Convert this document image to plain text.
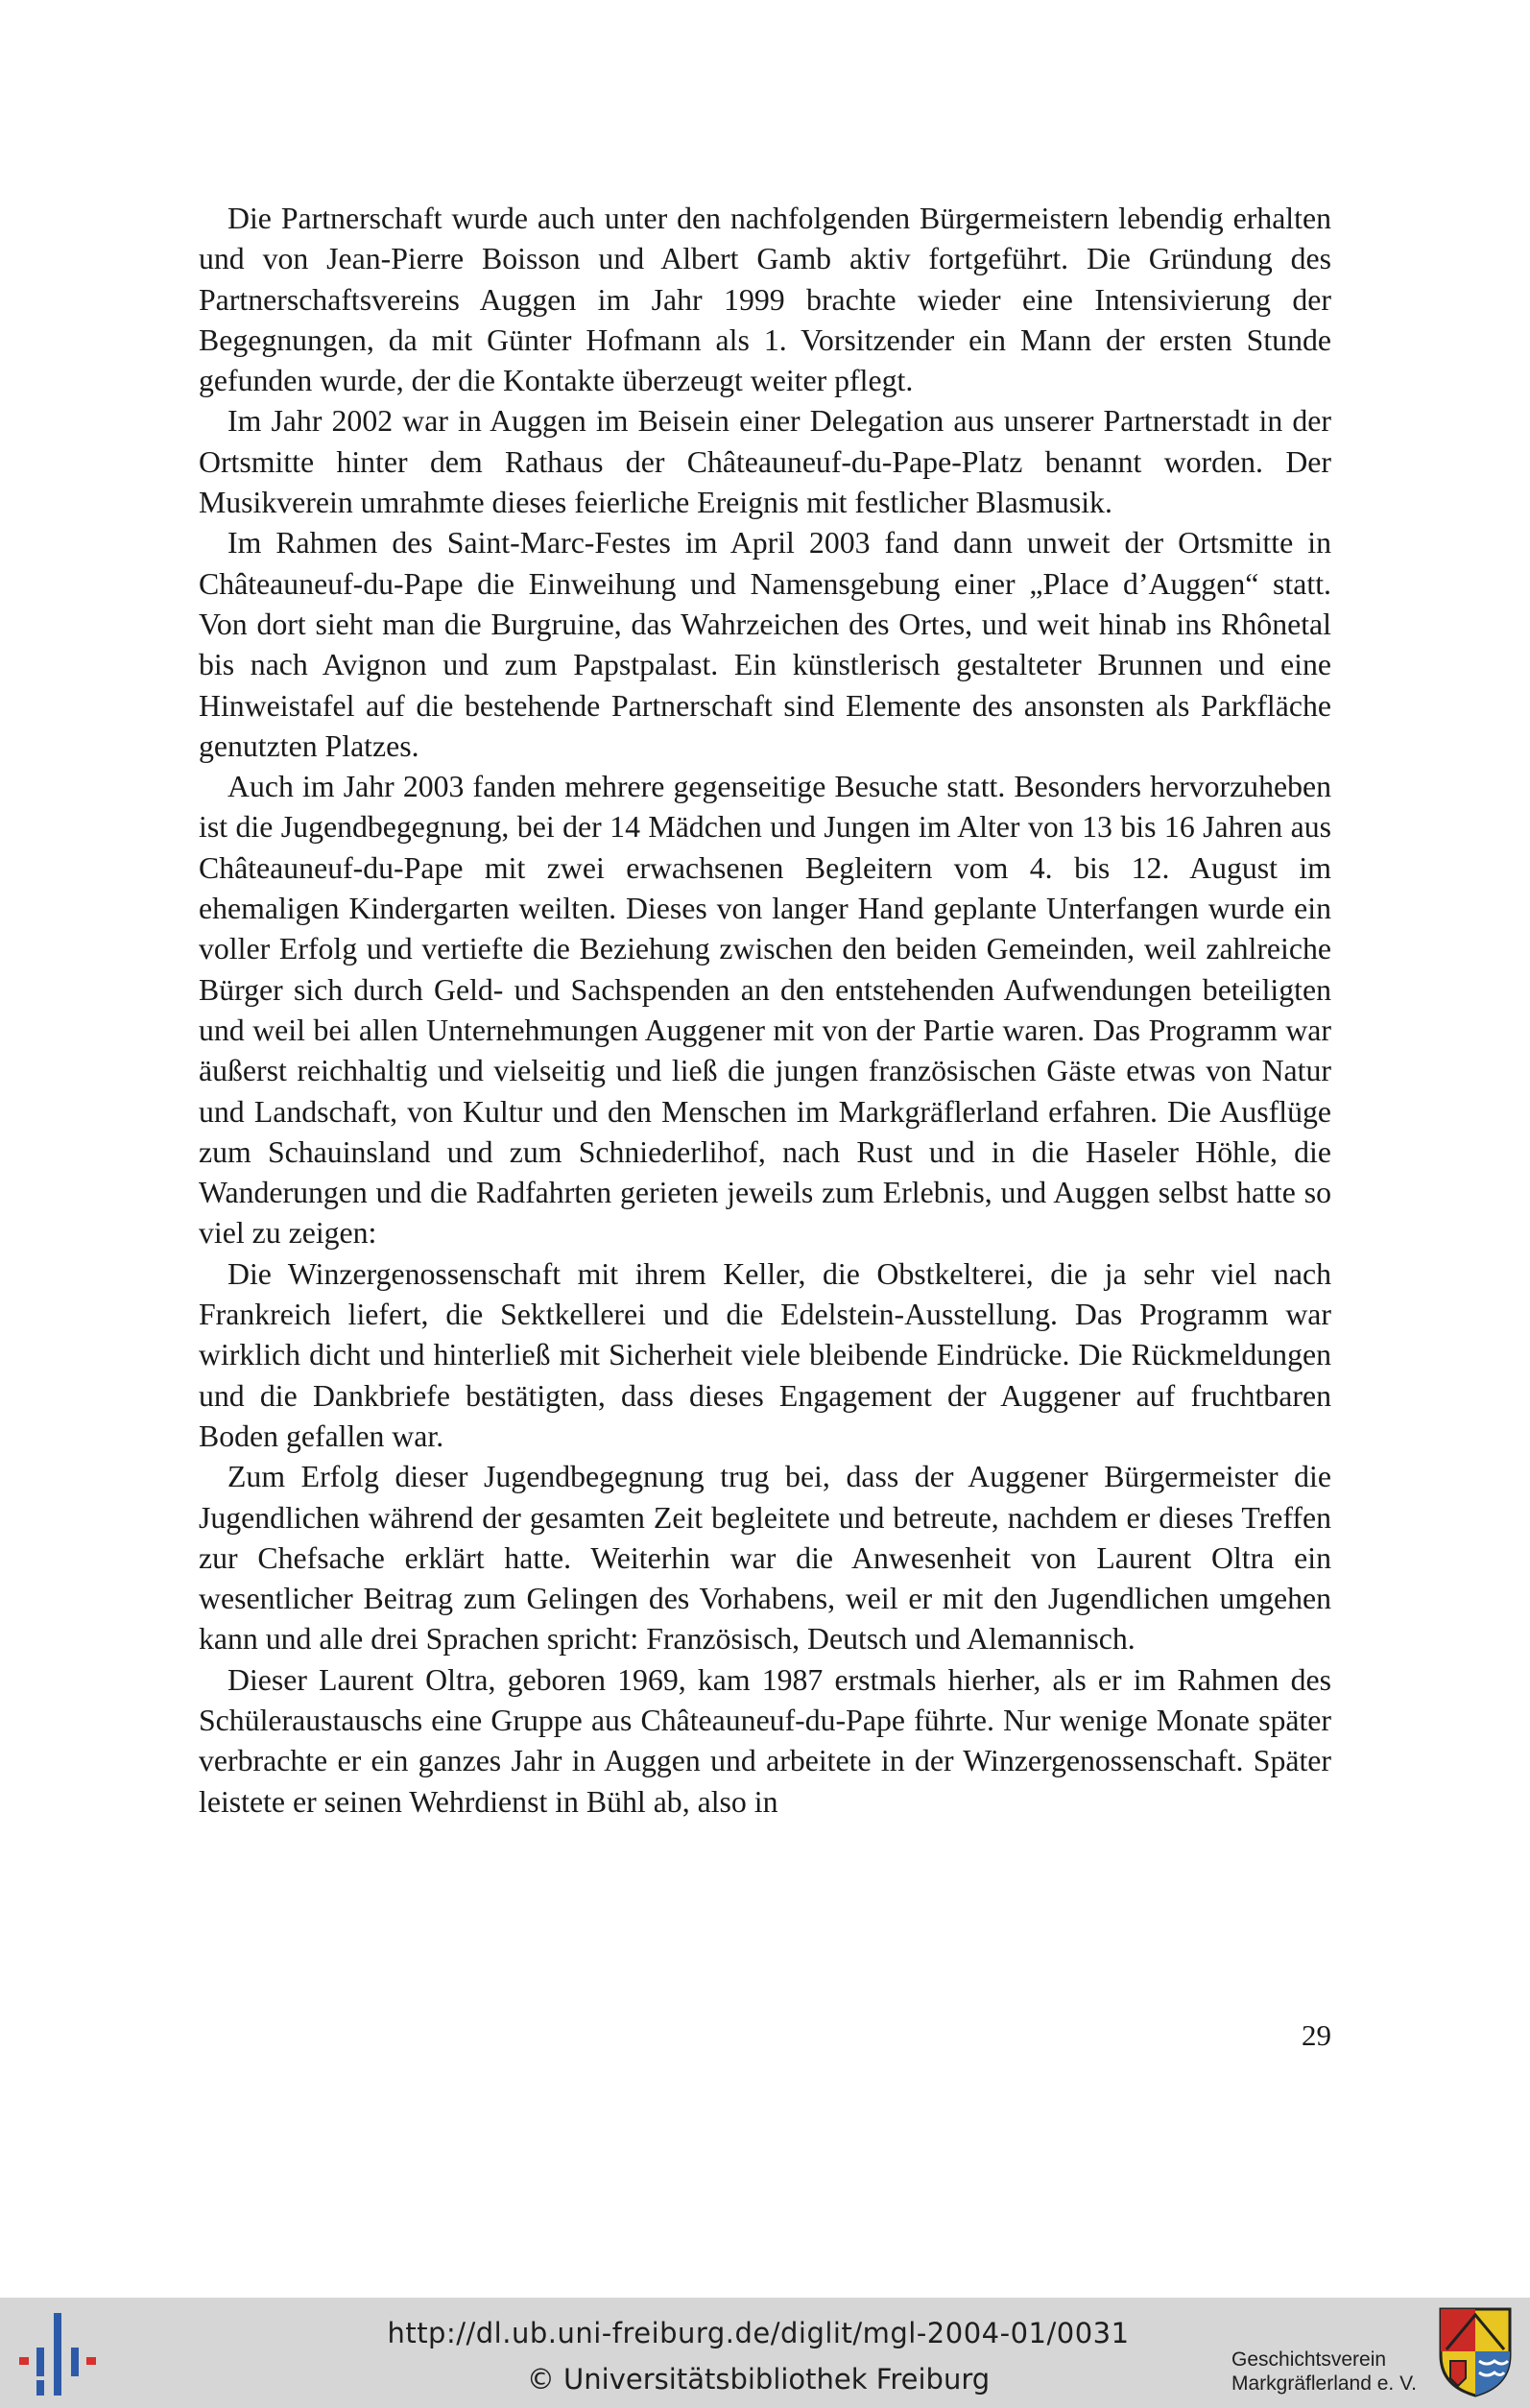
Die Partnerschaft wurde auch unter den nachfolgenden Bürgermeistern lebendig erhalten und von Jean-Pierre Boisson und Albert Gamb aktiv fortgeführt. Die Gründung des Partnerschaftsvereins Auggen im Jahr 1999 brachte wieder eine Intensivierung der Begegnungen, da mit Günter Hofmann als 1. Vorsitzender ein Mann der ersten Stunde gefunden wurde, der die Kontakte überzeugt weiter pflegt.

Im Jahr 2002 war in Auggen im Beisein einer Delegation aus unserer Partnerstadt in der Ortsmitte hinter dem Rathaus der Châteauneuf-du-Pape-Platz benannt worden. Der Musikverein umrahmte dieses feierliche Ereignis mit festlicher Blasmusik.

Im Rahmen des Saint-Marc-Festes im April 2003 fand dann unweit der Ortsmitte in Châteauneuf-du-Pape die Einweihung und Namensgebung einer „Place d’Auggen“ statt. Von dort sieht man die Burgruine, das Wahrzeichen des Ortes, und weit hinab ins Rhônetal bis nach Avignon und zum Papstpalast. Ein künstlerisch gestalteter Brunnen und eine Hinweistafel auf die bestehende Partnerschaft sind Elemente des ansonsten als Parkfläche genutzten Platzes.

Auch im Jahr 2003 fanden mehrere gegenseitige Besuche statt. Besonders hervorzuheben ist die Jugendbegegnung, bei der 14 Mädchen und Jungen im Alter von 13 bis 16 Jahren aus Châteauneuf-du-Pape mit zwei erwachsenen Begleitern vom 4. bis 12. August im ehemaligen Kindergarten weilten. Dieses von langer Hand geplante Unterfangen wurde ein voller Erfolg und vertiefte die Beziehung zwischen den beiden Gemeinden, weil zahlreiche Bürger sich durch Geld- und Sachspenden an den entstehenden Aufwendungen beteiligten und weil bei allen Unternehmungen Auggener mit von der Partie waren. Das Programm war äußerst reichhaltig und vielseitig und ließ die jungen französischen Gäste etwas von Natur und Landschaft, von Kultur und den Menschen im Markgräflerland erfahren. Die Ausflüge zum Schauinsland und zum Schniederlihof, nach Rust und in die Haseler Höhle, die Wanderungen und die Radfahrten gerieten jeweils zum Erlebnis, und Auggen selbst hatte so viel zu zeigen:

Die Winzergenossenschaft mit ihrem Keller, die Obstkelterei, die ja sehr viel nach Frankreich liefert, die Sektkellerei und die Edelstein-Ausstellung. Das Programm war wirklich dicht und hinterließ mit Sicherheit viele bleibende Eindrücke. Die Rückmeldungen und die Dankbriefe bestätigten, dass dieses Engagement der Auggener auf fruchtbaren Boden gefallen war.

Zum Erfolg dieser Jugendbegegnung trug bei, dass der Auggener Bürgermeister die Jugendlichen während der gesamten Zeit begleitete und betreute, nachdem er dieses Treffen zur Chefsache erklärt hatte. Weiterhin war die Anwesenheit von Laurent Oltra ein wesentlicher Beitrag zum Gelingen des Vorhabens, weil er mit den Jugendlichen umgehen kann und alle drei Sprachen spricht: Französisch, Deutsch und Alemannisch.

Dieser Laurent Oltra, geboren 1969, kam 1987 erstmals hierher, als er im Rahmen des Schüleraustauschs eine Gruppe aus Châteauneuf-du-Pape führte. Nur wenige Monate später verbrachte er ein ganzes Jahr in Auggen und arbeitete in der Winzergenossenschaft. Später leistete er seinen Wehrdienst in Bühl ab, also in

29
http://dl.ub.uni-freiburg.de/diglit/mgl-2004-01/0031
© Universitätsbibliothek Freiburg
Geschichtsverein
Markgräflerland e. V.
